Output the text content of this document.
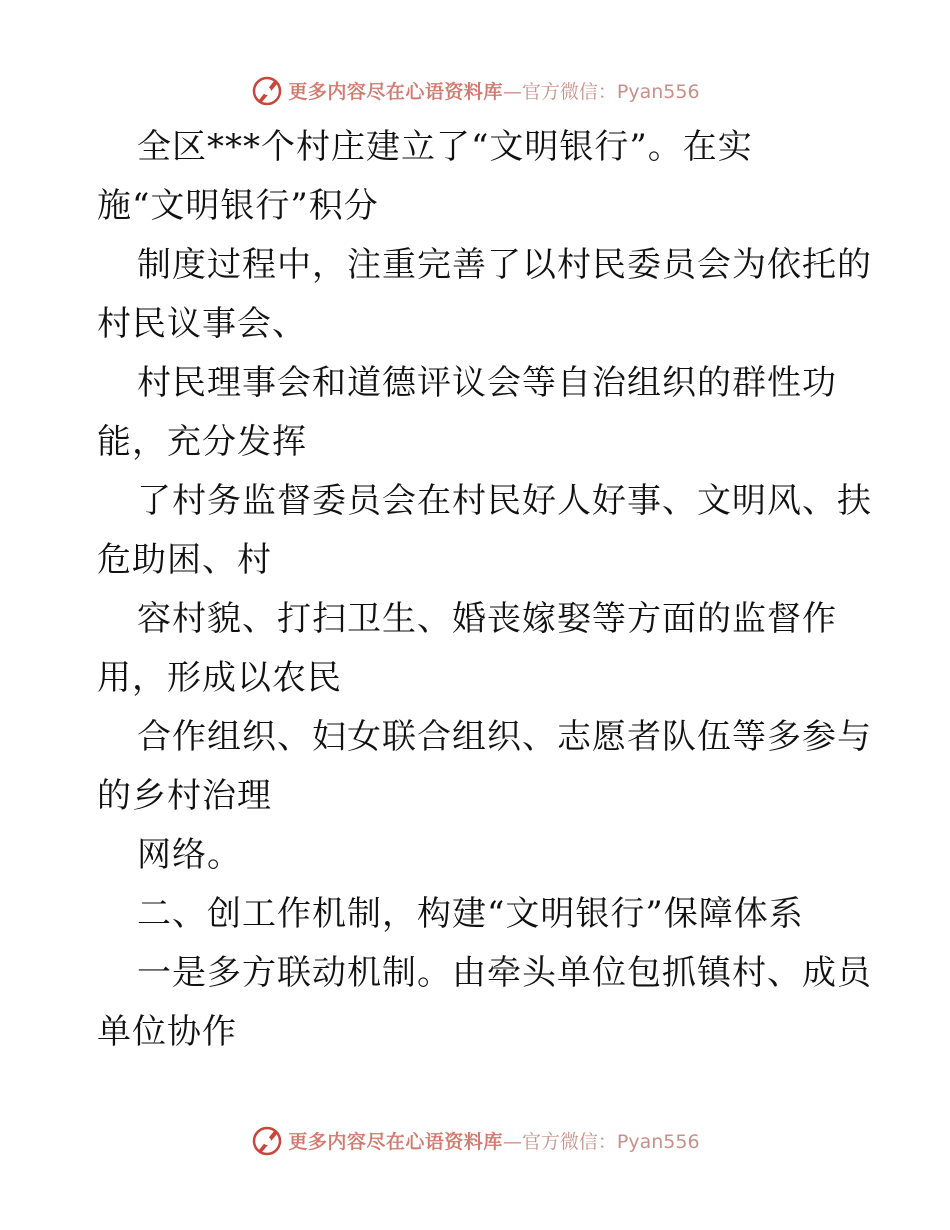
更多内容尽在心语资料库 —官方微信：Pyan556
全区***个村庄建立了“文明银行”。在实
施“文明银行”积分
制度过程中，注重完善了以村民委员会为依托的
村民议事会、
村民理事会和道德评议会等自治组织的群性功
能，充分发挥
了村务监督委员会在村民好人好事、文明风、扶
危助困、村
容村貌、打扫卫生、婚丧嫁娶等方面的监督作
用，形成以农民
合作组织、妇女联合组织、志愿者队伍等多参与
的乡村治理
网络。
二、创工作机制，构建“文明银行”保障体系
一是多方联动机制。由牵头单位包抓镇村、成员
单位协作
更多内容尽在心语资料库 —官方微信：Pyan556
